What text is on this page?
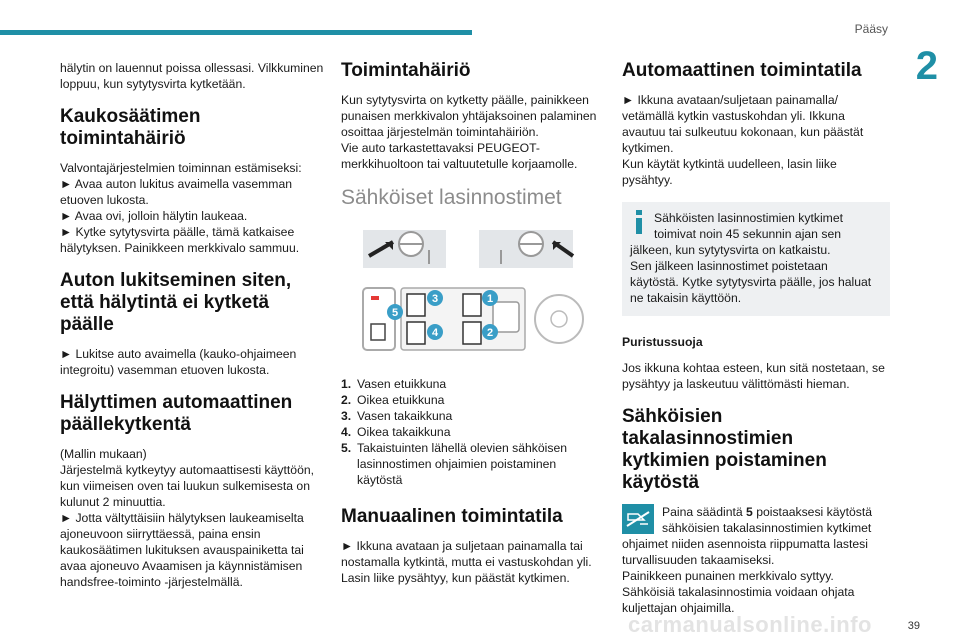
Pääsy
2
39
carmanualsonline.info

hälytin on lauennut poissa ollessasi. Vilkkuminen
loppuu, kun sytytysvirta kytketään.

Kaukosäätimen
toimintahäiriö

Valvontajärjestelmien toiminnan estämiseksi:
► Avaa auton lukitus avaimella vasemman
etuoven lukosta.
► Avaa ovi, jolloin hälytin laukeaa.
► Kytke sytytysvirta päälle, tämä katkaisee
hälytyksen. Painikkeen merkkivalo sammuu.

Auton lukitseminen siten,
että hälytintä ei kytketä
päälle

► Lukitse auto avaimella (kauko-ohjaimeen
integroitu) vasemman etuoven lukosta.

Hälyttimen automaattinen
päällekytkentä

(Mallin mukaan)
Järjestelmä kytkeytyy automaattisesti käyttöön,
kun viimeisen oven tai luukun sulkemisesta on
kulunut 2 minuuttia.
► Jotta vältyttäisiin hälytyksen laukeamiselta
ajoneuvoon siirryttäessä, paina ensin
kaukosäätimen lukituksen avauspainiketta tai
avaa ajoneuvo Avaamisen ja käynnistämisen
handsfree-toiminto -järjestelmällä.

Toimintahäiriö

Kun sytytysvirta on kytketty päälle, painikkeen
punaisen merkkivalon yhtäjaksoinen palaminen
osoittaa järjestelmän toimintahäiriön.
Vie auto tarkastettavaksi PEUGEOT-
merkkihuoltoon tai valtuutetulle korjaamolle.

Sähköiset lasinnostimet
1
2
3
4
5
1. Vasen etuikkuna
2. Oikea etuikkuna
3. Vasen takaikkuna
4. Oikea takaikkuna
5. Takaistuinten lähellä olevien sähköisen
lasinnostimen ohjaimien poistaminen
käytöstä
Manuaalinen toimintatila

► Ikkuna avataan ja suljetaan painamalla tai
nostamalla kytkintä, mutta ei vastuskohdan yli.
Lasin liike pysähtyy, kun päästät kytkimen.

Automaattinen toimintatila

► Ikkuna avataan/suljetaan painamalla/
vetämällä kytkin vastuskohdan yli. Ikkuna
avautuu tai sulkeutuu kokonaan, kun päästät
kytkimen.
Kun käytät kytkintä uudelleen, lasin liike
pysähtyy.

Sähköisten lasinnostimien kytkimet
toimivat noin 45 sekunnin ajan sen
jälkeen, kun sytytysvirta on katkaistu.
Sen jälkeen lasinnostimet poistetaan
käytöstä. Kytke sytytysvirta päälle, jos haluat
ne takaisin käyttöön.

Puristussuoja

Jos ikkuna kohtaa esteen, kun sitä nostetaan, se
pysähtyy ja laskeutuu välittömästi hieman.

Sähköisien
takalasinnostimien
kytkimien poistaminen
käytöstä

Paina säädintä 5 poistaaksesi käytöstä
sähköisien takalasinnostimien kytkimet
ohjaimet niiden asennoista riippumatta lastesi
turvallisuuden takaamiseksi.
Painikkeen punainen merkkivalo syttyy.
Sähköisiä takalasinnostimia voidaan ohjata
kuljettajan ohjaimilla.
